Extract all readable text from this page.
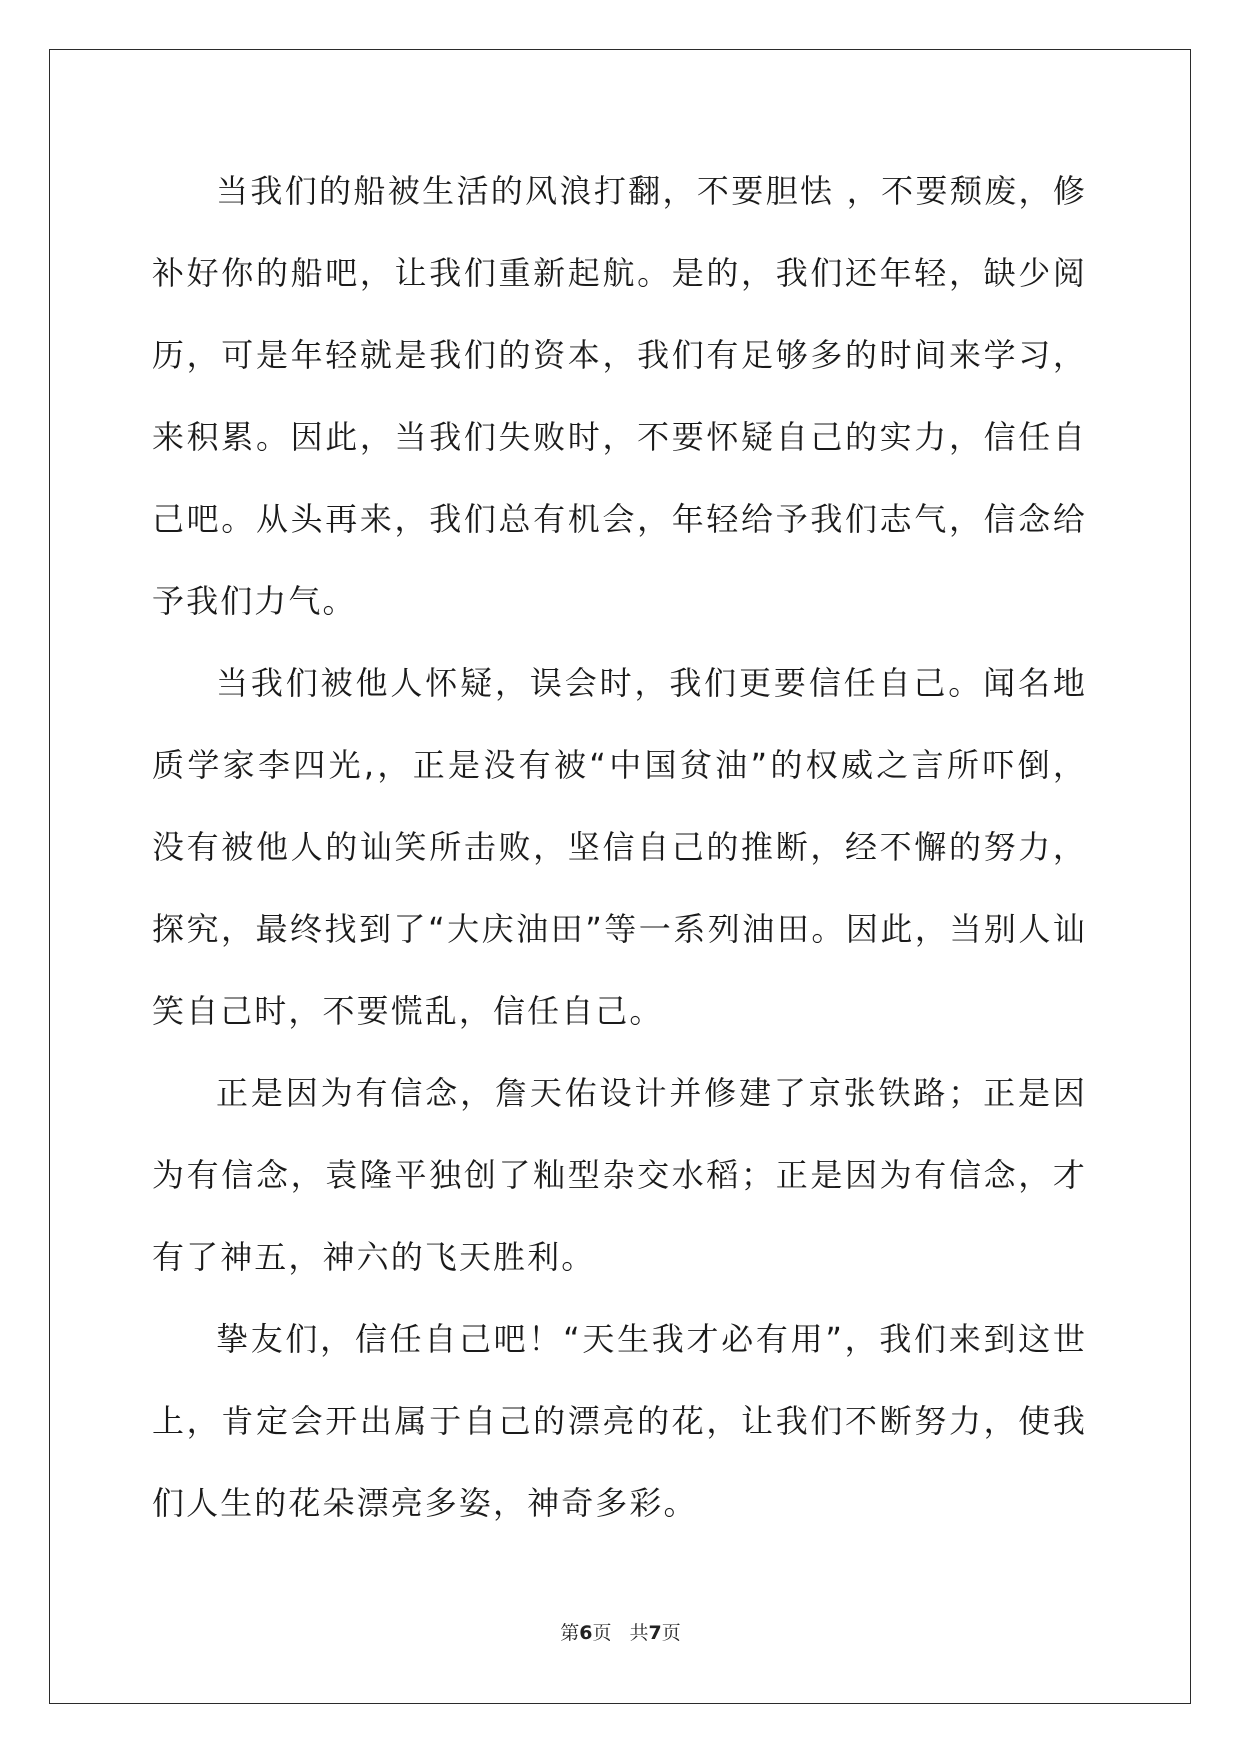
当我们的船被生活的风浪打翻，不要胆怯 ，不要颓废，修补好你的船吧，让我们重新起航。是的，我们还年轻，缺少阅历，可是年轻就是我们的资本，我们有足够多的时间来学习，来积累。因此，当我们失败时，不要怀疑自己的实力，信任自己吧。从头再来，我们总有机会，年轻给予我们志气，信念给予我们力气。

当我们被他人怀疑，误会时，我们更要信任自己。闻名地质学家李四光,，正是没有被“中国贫油”的权威之言所吓倒，没有被他人的讪笑所击败，坚信自己的推断，经不懈的努力，探究，最终找到了“大庆油田”等一系列油田。因此，当别人讪笑自己时，不要慌乱，信任自己。

正是因为有信念，詹天佑设计并修建了京张铁路；正是因为有信念，袁隆平独创了籼型杂交水稻；正是因为有信念，才有了神五，神六的飞天胜利。

挚友们，信任自己吧！“天生我才必有用”，我们来到这世上，肯定会开出属于自己的漂亮的花，让我们不断努力，使我们人生的花朵漂亮多姿，神奇多彩。

第6页 共7页
